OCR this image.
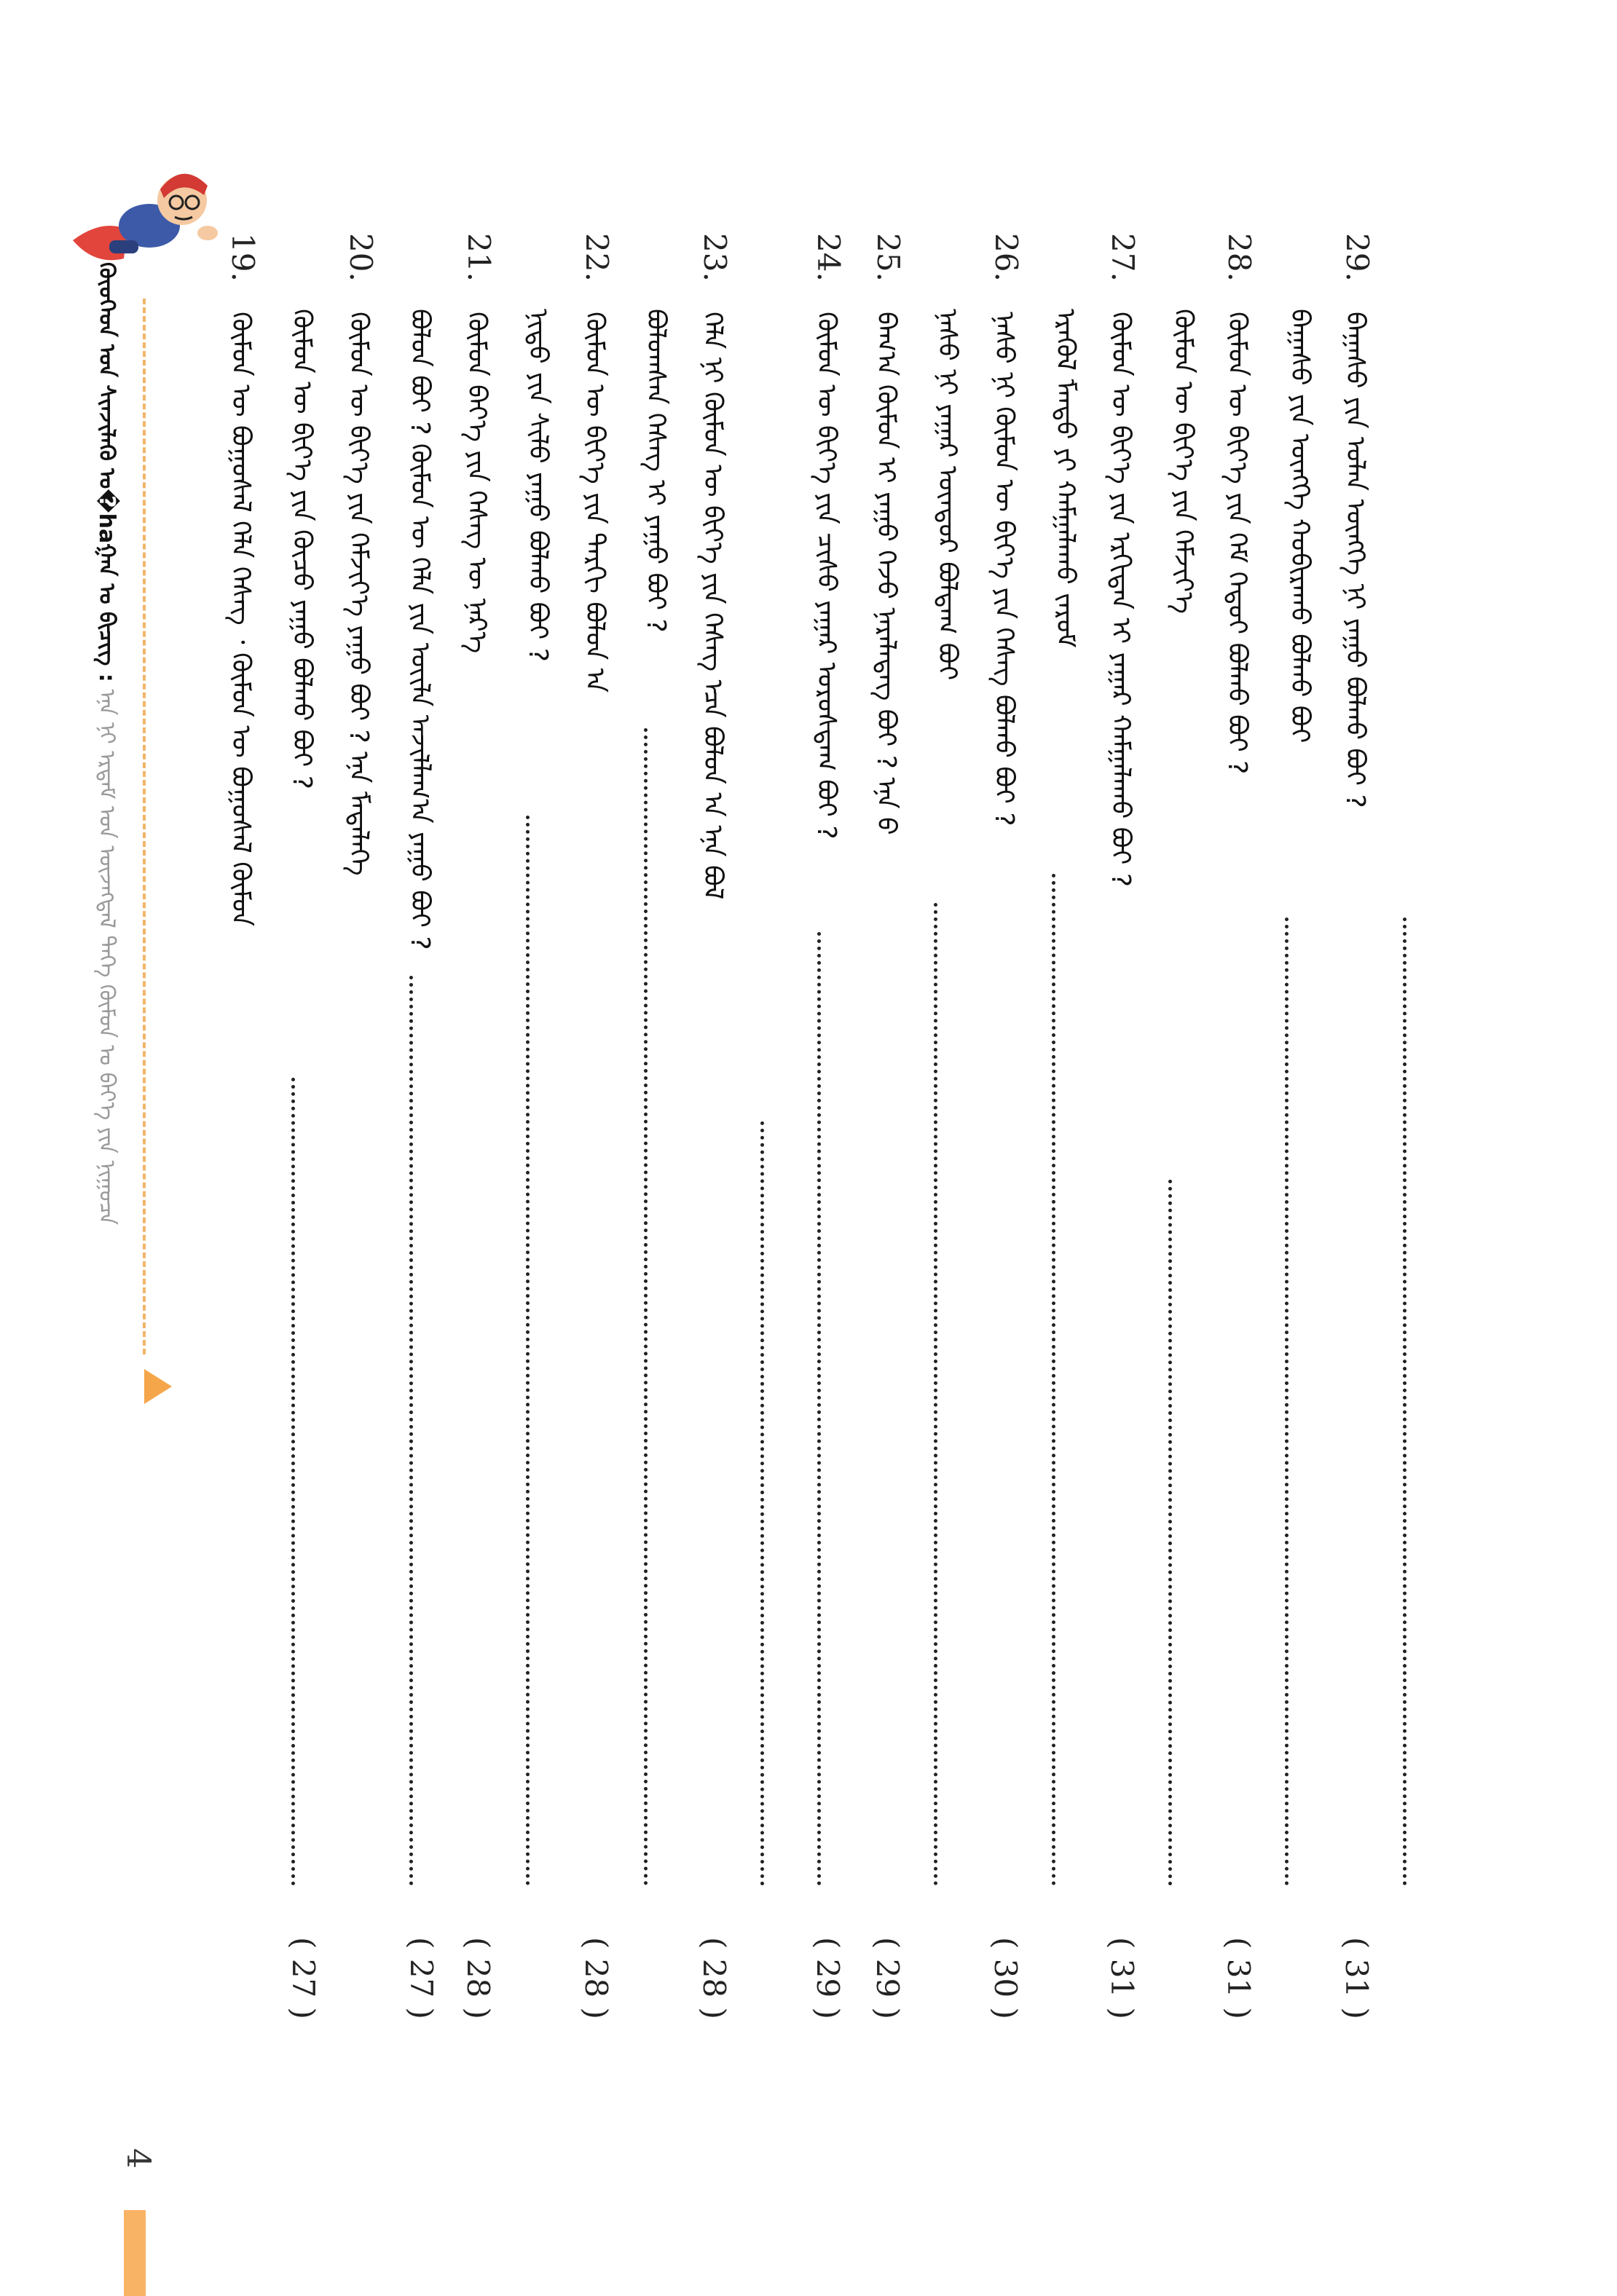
ᠬᠦᠦᠬᠡᠳ ᠤᠨ ᠰᠢᠨᠵᠢᠯᠡᠬᠦ ᠤ�haᠭᠠᠨ ᠤ ᠪᠢᠴᠢᠭ : ᠡᠨᠡ ᠨᠢ ᠡᠷᠳᠡᠮ ᠤᠨ ᠦᠵᠡᠭᠳᠡᠯ ᠲᠡᠭᠡ ᠬᠦᠮᠦᠨ ᠤ ᠪᠡᠶ᠎ᠡ ᠶᠢᠨ ᠨᠢᠭᠤᠴᠠ
29. ᠪᠠᠭᠠᠰᠤ ᠶᠢᠨ ᠣᠯᠠᠨ ᠦᠩᠭᠡ ᠨᠢ ᠶᠠᠭᠤ ᠪᠣᠯᠬᠤ ᠪᠤᠢ ?
( 31 )
ᠪᠠᠭᠠᠰᠤ ᠶᠢᠨ ᠦᠩᠭᠡ ᠬᠤᠪᠢᠷᠠᠬᠤ ᠪᠣᠯᠬᠤ ᠪᠤᠢ
28. ᠬᠦᠮᠦᠨ ᠦ ᠪᠢᠶ᠎ᠡ ᠶᠢᠨ ᠬᠡᠮ ᠬᠡᠳᠦᠢ ᠪᠣᠯᠬᠤ ᠪᠤᠢ ?
( 31 )
ᠬᠦᠮᠦᠨ ᠦ ᠪᠢᠶ᠎ᠡ ᠶᠢᠨ ᠬᠡᠮᠵᠢᠶ᠎ᠡ
27. ᠬᠦᠮᠦᠨ ᠦ ᠪᠢᠶ᠎ᠡ ᠶᠢᠨ ᠡᠷᠬᠢᠲᠡᠨ ᠢ ᠶᠠᠭᠠᠷ ᠬᠠᠮᠭᠠᠯᠠᠬᠤ ᠪᠤᠢ ?
( 31 )
ᠡᠷᠡᠭᠦᠯ ᠮᠡᠨᠳᠦ ᠶᠢ ᠬᠠᠮᠭᠠᠯᠠᠬᠤ ᠵᠠᠷᠤᠮ
26. ᠨᠠᠰᠤ ᠨᠢ ᠬᠦᠮᠦᠨ ᠦ ᠪᠢᠶ᠎ᠡ ᠶᠢᠨ ᠬᠡᠰᠡᠭ ᠪᠣᠯᠬᠤ ᠪᠤᠢ ?
( 30 )
ᠨᠠᠰᠤ ᠨᠢ ᠶᠠᠭᠠᠷ ᠥᠨᠳᠦᠷ ᠪᠣᠯᠳᠠᠭ ᠪᠤᠢ
25. ᠪᠠᠭ᠎ᠠ ᠬᠦᠮᠦᠨ ᠢ ᠶᠠᠭᠤ ᠭᠡᠵᠦ ᠨᠡᠷᠡᠯᠡᠳᠡᠭ ᠪᠤᠢ ? ᠡᠨᠡ ᠪ
( 29 )
24. ᠬᠦᠮᠦᠨ ᠦ ᠪᠢᠶ᠎ᠡ ᠶᠢᠨ ᠴᠢᠰᠤ ᠶᠠᠭᠠᠷ ᠤᠷᠤᠰᠳᠠᠭ ᠪᠤᠢ ?
( 29 )
23. ᠬᠡᠯᠡ ᠨᠢ ᠬᠦᠮᠦᠨ ᠦ ᠪᠢᠶ᠎ᠡ ᠶᠢᠨ ᠬᠡᠰᠡᠭ ᠡᠴᠡ ᠪᠣᠯᠤᠨ ᠠ ᠡᠨᠡ ᠪᠣᠯ
( 28 )
ᠪᠣᠯᠤᠭᠰᠠᠨ ᠬᠡᠰᠡᠭ ᠢ ᠶᠠᠭᠤ ᠪᠤᠢ ?
22. ᠬᠦᠮᠦᠨ ᠦ ᠪᠢᠶ᠎ᠡ ᠶᠢᠨ ᠲᠠᠷᠬᠢ ᠪᠣᠯᠤᠨ ᠠ
( 28 )
ᠨᠢᠳᠦ ᠶᠢᠨ ᠰᠢᠯᠦ ᠶᠠᠭᠤ ᠪᠣᠯᠬᠤ ᠪᠤᠢ ?
21. ᠬᠦᠮᠦᠨ ᠪᠡᠶ᠎ᠡ ᠶᠢᠨ ᠬᠡᠰᠡᠭ ᠦ ᠨᠡᠷ᠎ᠡ
( 28 )
ᠪᠣᠯᠤᠨ ᠪᠤᠢ ? ᠬᠦᠮᠦᠨ ᠦ ᠬᠡᠯᠡ ᠶᠢᠨ ᠦᠢᠯᠡ ᠠᠵᠢᠯᠯᠠᠭ᠎ᠠ ᠶᠠᠭᠤ ᠪᠤᠢ ?
( 27 )
20. ᠬᠦᠮᠦᠨ ᠦ ᠪᠢᠶ᠎ᠡ ᠶᠢᠨ ᠬᠡᠮᠵᠢᠶ᠎ᠡ ᠶᠠᠭᠤ ᠪᠤᠢ ? ᠡᠨᠡ ᠮᠡᠳᠡᠯᠡᠭᠡ
ᠬᠦᠮᠦᠨ ᠦ ᠪᠢᠶ᠎ᠡ ᠶᠢᠨ ᠬᠦᠴᠦ ᠶᠠᠭᠤ ᠪᠣᠯᠬᠤ ᠪᠤᠢ ?
( 27 )
19. ᠬᠦᠮᠦᠨ ᠦ ᠪᠣᠭᠣᠰᠠᠯ ᠬᠡᠯᠡ ᠬᠡᠰᠡᠭ ᠂ ᠬᠦᠮᠦᠨ ᠦ ᠪᠣᠭᠣᠰᠠᠯ ᠬᠦᠮᠦᠨ
4
